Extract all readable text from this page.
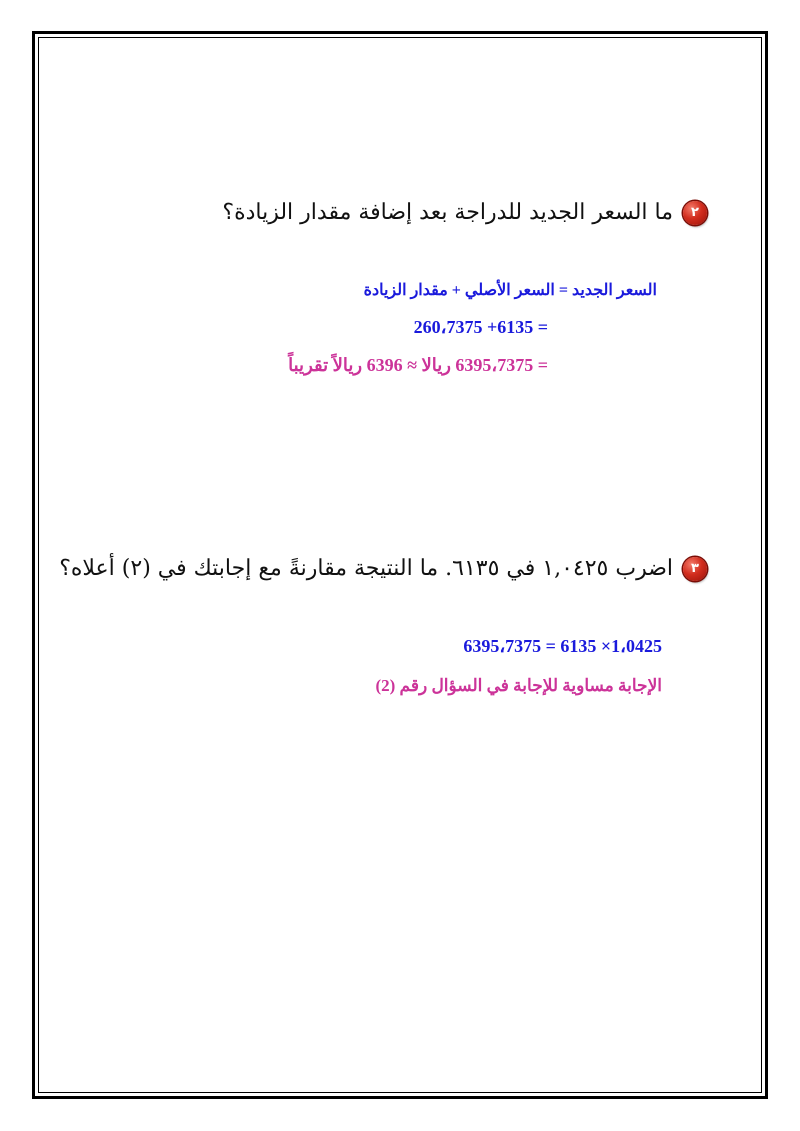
٢
ما السعر الجديد للدراجة بعد إضافة مقدار الزيادة؟
السعر الجديد = السعر الأصلي + مقدار الزيادة
260،7375 +6135 =
= 6395،7375 ريالا ≈ 6396 ريالاً تقريباً
٣
اضرب ١,٠٤٢٥ في ٦١٣٥. ما النتيجة مقارنةً مع إجابتك في (٢) أعلاه؟
6395،7375 = 6135 ×1،0425
الإجابة مساوية للإجابة في السؤال رقم (2)
